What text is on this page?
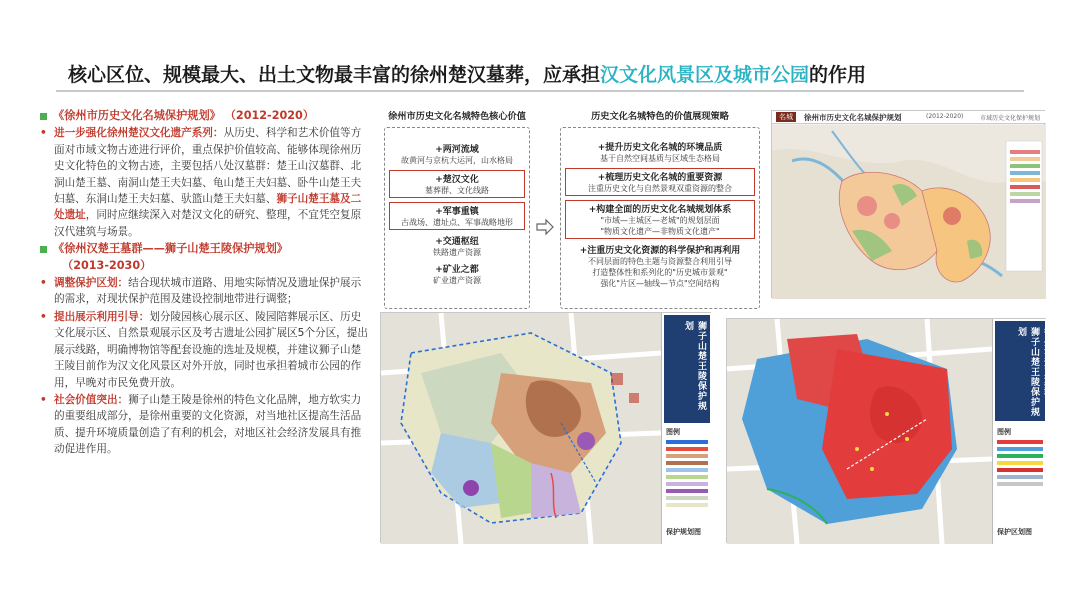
核心区位、规模最大、出土文物最丰富的徐州楚汉墓葬，应承担汉文化风景区及城市公园的作用
《徐州市历史文化名城保护规划》 （2012-2020）
• 进一步强化徐州楚汉文化遗产系列：从历史、科学和艺术价值等方面对市域文物古迹进行评价，重点保护价值较高、能够体现徐州历史文化特色的文物古迹，主要包括八处汉墓群：楚王山汉墓群、北洞山楚王墓、南洞山楚王夫妇墓、龟山楚王夫妇墓、卧牛山楚王夫妇墓、东洞山楚王夫妇墓、驮篮山楚王夫妇墓、狮子山楚王墓及二处遗址，同时应继续深入对楚汉文化的研究、整理，不宜凭空复原汉代建筑与场景。
《徐州汉楚王墓群——狮子山楚王陵保护规划》
（2013-2030）
• 调整保护区划：结合现状城市道路、用地实际情况及遗址保护展示的需求，对现状保护范围及建设控制地带进行调整；
• 提出展示利用引导：划分陵园核心展示区、陵园陪葬展示区、历史文化展示区、自然景观展示区及考古遗址公园扩展区5个分区，提出展示线路，明确博物馆等配套设施的选址及规模，并建议狮子山楚王陵目前作为汉文化风景区对外开放，同时也承担着城市公园的作用，早晚对市民免费开放。
• 社会价值突出：狮子山楚王陵是徐州的特色文化品牌，地方软实力的重要组成部分，是徐州重要的文化资源，对当地社区提高生活品质、提升环境质量创造了有利的机会，对地区社会经济发展具有推动促进作用。
徐州市历史文化名城特色核心价值
+两河流域
故黄河与京杭大运河，山水格局
+楚汉文化
墓葬群、文化线路
+军事重镇
古战场、遗址点、军事战略地形
+交通枢纽
铁路遗产资源
+矿业之都
矿业遗产资源
历史文化名城特色的价值展现策略
+提升历史文化名城的环境品质
基于自然空间基质与区域生态格局
+梳理历史文化名城的重要资源
注重历史文化与自然景观双重资源的整合
+构建全面的历史文化名城规划体系
"市域—主城区—老城"的规划层面
"物质文化遗产—非物质文化遗产"
+注重历史文化资源的科学保护和再利用
不同层面的特色主题与资源整合利用引导
打造整体性和系列化的"历史城市景观"
强化"片区—轴线—节点"空间结构
名城	徐州市历史文化名城保护规划	(2012-2020)	市域历史文化保护规划
徐州汉楚王墓群——狮子山楚王陵保护规划
图例
保护规划图
徐州汉楚王墓群——狮子山楚王陵保护规划
图例
保护区划图
